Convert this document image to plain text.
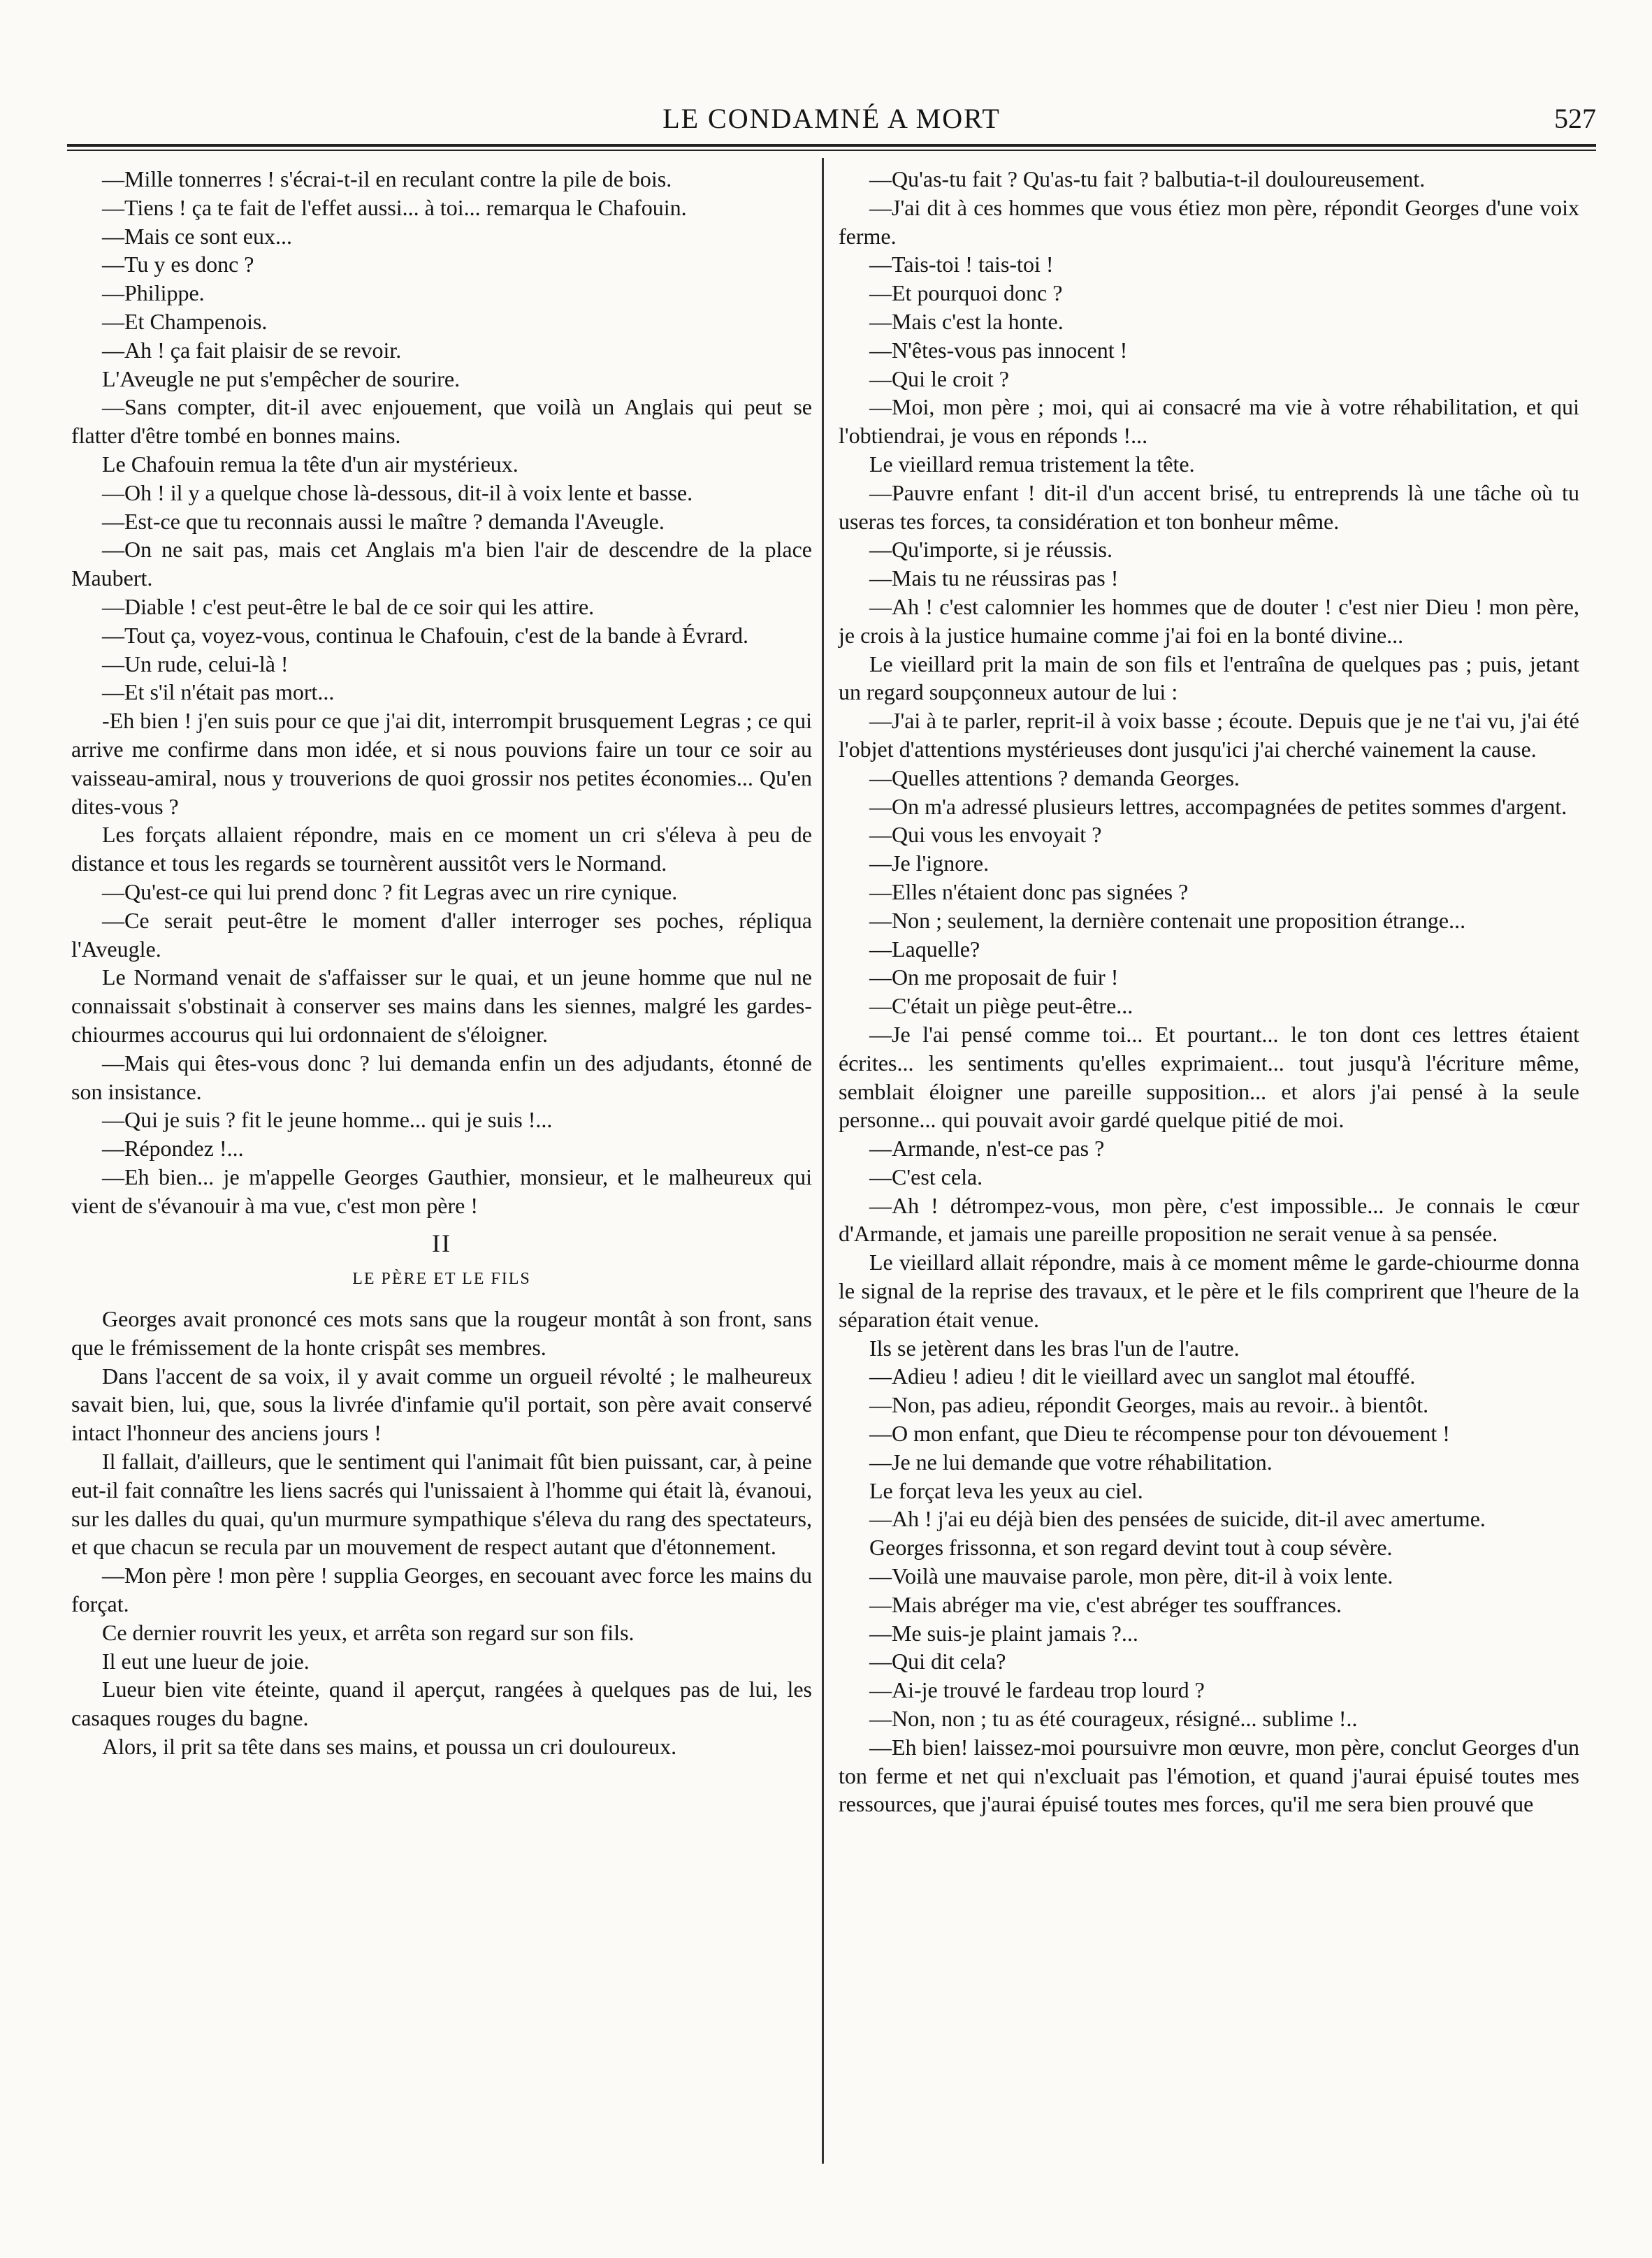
LE CONDAMNÉ A MORT	527

—Mille tonnerres ! s'écrai-t-il en reculant contre la pile de bois.

—Tiens ! ça te fait de l'effet aussi... à toi... remarqua le Chafouin.

—Mais ce sont eux...

—Tu y es donc ?

—Philippe.

—Et Champenois.

—Ah ! ça fait plaisir de se revoir.

L'Aveugle ne put s'empêcher de sourire.

—Sans compter, dit-il avec enjouement, que voilà un Anglais qui peut se flatter d'être tombé en bonnes mains.

Le Chafouin remua la tête d'un air mystérieux.

—Oh ! il y a quelque chose là-dessous, dit-il à voix lente et basse.

—Est-ce que tu reconnais aussi le maître ? demanda l'Aveugle.

—On ne sait pas, mais cet Anglais m'a bien l'air de descendre de la place Maubert.

—Diable ! c'est peut-être le bal de ce soir qui les attire.

—Tout ça, voyez-vous, continua le Chafouin, c'est de la bande à Évrard.

—Un rude, celui-là !

—Et s'il n'était pas mort...

-Eh bien ! j'en suis pour ce que j'ai dit, interrompit brusquement Legras ; ce qui arrive me confirme dans mon idée, et si nous pouvions faire un tour ce soir au vaisseau-amiral, nous y trouverions de quoi grossir nos petites économies... Qu'en dites-vous ?

Les forçats allaient répondre, mais en ce moment un cri s'éleva à peu de distance et tous les regards se tournèrent aussitôt vers le Normand.

—Qu'est-ce qui lui prend donc ? fit Legras avec un rire cynique.

—Ce serait peut-être le moment d'aller interroger ses poches, répliqua l'Aveugle.

Le Normand venait de s'affaisser sur le quai, et un jeune homme que nul ne connaissait s'obstinait à conserver ses mains dans les siennes, malgré les gardes-chiourmes accourus qui lui ordonnaient de s'éloigner.

—Mais qui êtes-vous donc ? lui demanda enfin un des adjudants, étonné de son insistance.

—Qui je suis ? fit le jeune homme... qui je suis !...

—Répondez !...

—Eh bien... je m'appelle Georges Gauthier, monsieur, et le malheureux qui vient de s'évanouir à ma vue, c'est mon père !

II
LE PÈRE ET LE FILS

Georges avait prononcé ces mots sans que la rougeur montât à son front, sans que le frémissement de la honte crispât ses membres.

Dans l'accent de sa voix, il y avait comme un orgueil révolté ; le malheureux savait bien, lui, que, sous la livrée d'infamie qu'il portait, son père avait conservé intact l'honneur des anciens jours !

Il fallait, d'ailleurs, que le sentiment qui l'animait fût bien puissant, car, à peine eut-il fait connaître les liens sacrés qui l'unissaient à l'homme qui était là, évanoui, sur les dalles du quai, qu'un murmure sympathique s'éleva du rang des spectateurs, et que chacun se recula par un mouvement de respect autant que d'étonnement.

—Mon père ! mon père ! supplia Georges, en secouant avec force les mains du forçat.

Ce dernier rouvrit les yeux, et arrêta son regard sur son fils.

Il eut une lueur de joie.

Lueur bien vite éteinte, quand il aperçut, rangées à quelques pas de lui, les casaques rouges du bagne.

Alors, il prit sa tête dans ses mains, et poussa un cri douloureux.

—Qu'as-tu fait ? Qu'as-tu fait ? balbutia-t-il douloureusement.

—J'ai dit à ces hommes que vous étiez mon père, répondit Georges d'une voix ferme.

—Tais-toi ! tais-toi !

—Et pourquoi donc ?

—Mais c'est la honte.

—N'êtes-vous pas innocent !

—Qui le croit ?

—Moi, mon père ; moi, qui ai consacré ma vie à votre réhabilitation, et qui l'obtiendrai, je vous en réponds !...

Le vieillard remua tristement la tête.

—Pauvre enfant ! dit-il d'un accent brisé, tu entreprends là une tâche où tu useras tes forces, ta considération et ton bonheur même.

—Qu'importe, si je réussis.

—Mais tu ne réussiras pas !

—Ah ! c'est calomnier les hommes que de douter ! c'est nier Dieu ! mon père, je crois à la justice humaine comme j'ai foi en la bonté divine...

Le vieillard prit la main de son fils et l'entraîna de quelques pas ; puis, jetant un regard soupçonneux autour de lui :

—J'ai à te parler, reprit-il à voix basse ; écoute. Depuis que je ne t'ai vu, j'ai été l'objet d'attentions mystérieuses dont jusqu'ici j'ai cherché vainement la cause.

—Quelles attentions ? demanda Georges.

—On m'a adressé plusieurs lettres, accompagnées de petites sommes d'argent.

—Qui vous les envoyait ?

—Je l'ignore.

—Elles n'étaient donc pas signées ?

—Non ; seulement, la dernière contenait une proposition étrange...

—Laquelle?

—On me proposait de fuir !

—C'était un piège peut-être...

—Je l'ai pensé comme toi... Et pourtant... le ton dont ces lettres étaient écrites... les sentiments qu'elles exprimaient... tout jusqu'à l'écriture même, semblait éloigner une pareille supposition... et alors j'ai pensé à la seule personne... qui pouvait avoir gardé quelque pitié de moi.

—Armande, n'est-ce pas ?

—C'est cela.

—Ah ! détrompez-vous, mon père, c'est impossible... Je connais le cœur d'Armande, et jamais une pareille proposition ne serait venue à sa pensée.

Le vieillard allait répondre, mais à ce moment même le garde-chiourme donna le signal de la reprise des travaux, et le père et le fils comprirent que l'heure de la séparation était venue.

Ils se jetèrent dans les bras l'un de l'autre.

—Adieu ! adieu ! dit le vieillard avec un sanglot mal étouffé.

—Non, pas adieu, répondit Georges, mais au revoir.. à bientôt.

—O mon enfant, que Dieu te récompense pour ton dévouement !

—Je ne lui demande que votre réhabilitation.

Le forçat leva les yeux au ciel.

—Ah ! j'ai eu déjà bien des pensées de suicide, dit-il avec amertume.

Georges frissonna, et son regard devint tout à coup sévère.

—Voilà une mauvaise parole, mon père, dit-il à voix lente.

—Mais abréger ma vie, c'est abréger tes souffrances.

—Me suis-je plaint jamais ?...

—Qui dit cela?

—Ai-je trouvé le fardeau trop lourd ?

—Non, non ; tu as été courageux, résigné... sublime !..

—Eh bien! laissez-moi poursuivre mon œuvre, mon père, conclut Georges d'un ton ferme et net qui n'excluait pas l'émotion, et quand j'aurai épuisé toutes mes ressources, que j'aurai épuisé toutes mes forces, qu'il me sera bien prouvé que
